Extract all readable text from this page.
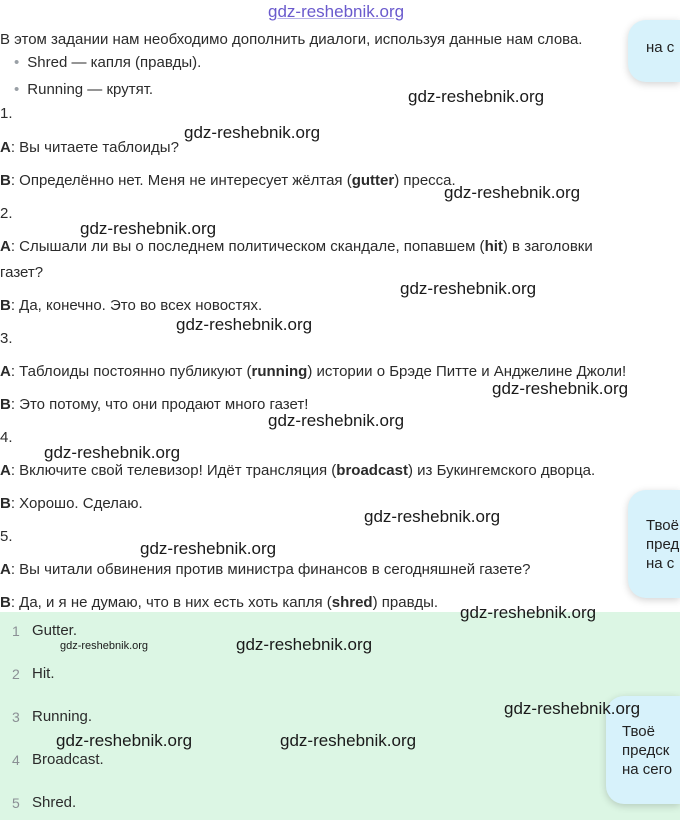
gdz-reshebnik.org
В этом задании нам необходимо дополнить диалоги, используя данные нам слова.
• Shred — капля (правды).
• Running — крутят.
1.
A: Вы читаете таблоиды?
B: Определённо нет. Меня не интересует жёлтая (gutter) пресса.
2.
A: Слышали ли вы о последнем политическом скандале, попавшем (hit) в заголовки
газет?
B: Да, конечно. Это во всех новостях.
3.
A: Таблоиды постоянно публикуют (running) истории о Брэде Питте и Анджелине Джоли!
B: Это потому, что они продают много газет!
4.
A: Включите свой телевизор! Идёт трансляция (broadcast) из Букингемского дворца.
B: Хорошо. Сделаю.
5.
A: Вы читали обвинения против министра финансов в сегодняшней газете?
B: Да, и я не думаю, что в них есть хоть капля (shred) правды.
1 Gutter.
2 Hit.
3 Running.
4 Broadcast.
5 Shred.
на с
Твоё
пред
на с
Твоё
предск
на сего
gdz-reshebnik.org
gdz-reshebnik.org
gdz-reshebnik.org
gdz-reshebnik.org
gdz-reshebnik.org
gdz-reshebnik.org
gdz-reshebnik.org
gdz-reshebnik.org
gdz-reshebnik.org
gdz-reshebnik.org
gdz-reshebnik.org
gdz-reshebnik.org
gdz-reshebnik.org	gdz-reshebnik.org
gdz-reshebnik.org
gdz-reshebnik.org	gdz-reshebnik.org
